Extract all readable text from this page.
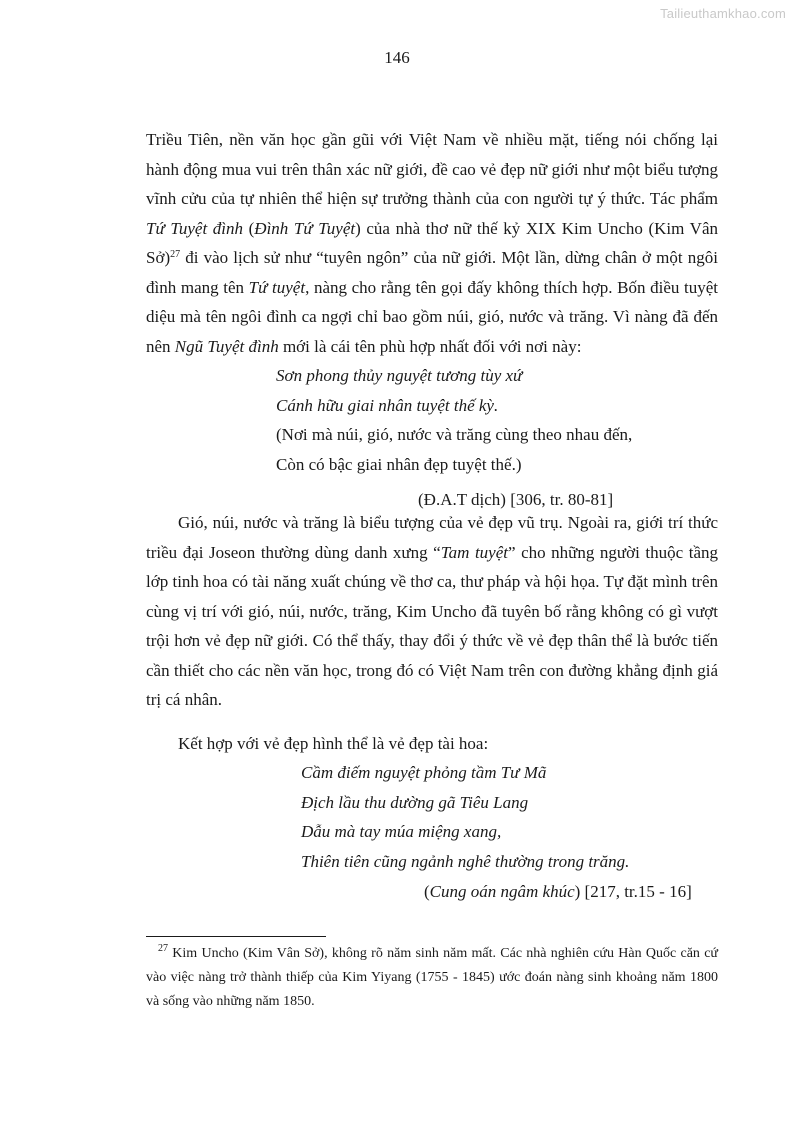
Tailieuthamkhao.com
146

Triều Tiên, nền văn học gần gũi với Việt Nam về nhiều mặt, tiếng nói chống lại hành động mua vui trên thân xác nữ giới, đề cao vẻ đẹp nữ giới như một biểu tượng vĩnh cửu của tự nhiên thể hiện sự trưởng thành của con người tự ý thức. Tác phẩm Tứ Tuyệt đình (Đình Tứ Tuyệt) của nhà thơ nữ thế kỷ XIX Kim Uncho (Kim Vân Sở)$^{27}$ đi vào lịch sử như “tuyên ngôn” của nữ giới. Một lần, dừng chân ở một ngôi đình mang tên Tứ tuyệt, nàng cho rằng tên gọi đấy không thích hợp. Bốn điều tuyệt diệu mà tên ngôi đình ca ngợi chỉ bao gồm núi, gió, nước và trăng. Vì nàng đã đến nên Ngũ Tuyệt đình mới là cái tên phù hợp nhất đối với nơi này:

Sơn phong thủy nguyệt tương tùy xứ
Cánh hữu giai nhân tuyệt thế kỳ.
(Nơi mà núi, gió, nước và trăng cùng theo nhau đến,
Còn có bậc giai nhân đẹp tuyệt thế.)
(Đ.A.T dịch) [306, tr. 80-81]

Gió, núi, nước và trăng là biểu tượng của vẻ đẹp vũ trụ. Ngoài ra, giới trí thức triều đại Joseon thường dùng danh xưng “Tam tuyệt” cho những người thuộc tầng lớp tinh hoa có tài năng xuất chúng về thơ ca, thư pháp và hội họa. Tự đặt mình trên cùng vị trí với gió, núi, nước, trăng, Kim Uncho đã tuyên bố rằng không có gì vượt trội hơn vẻ đẹp nữ giới. Có thể thấy, thay đổi ý thức về vẻ đẹp thân thể là bước tiến cần thiết cho các nền văn học, trong đó có Việt Nam trên con đường khẳng định giá trị cá nhân.

Kết hợp với vẻ đẹp hình thể là vẻ đẹp tài hoa:

Cầm điếm nguyệt phỏng tầm Tư Mã
Địch lầu thu dường gã Tiêu Lang
Dẫu mà tay múa miệng xang,
Thiên tiên cũng ngảnh nghê thường trong trăng.
(Cung oán ngâm khúc) [217, tr.15 - 16]
$^{27}$ Kim Uncho (Kim Vân Sở), không rõ năm sinh năm mất. Các nhà nghiên cứu Hàn Quốc căn cứ vào việc nàng trở thành thiếp của Kim Yiyang (1755 - 1845) ước đoán nàng sinh khoảng năm 1800 và sống vào những năm 1850.
